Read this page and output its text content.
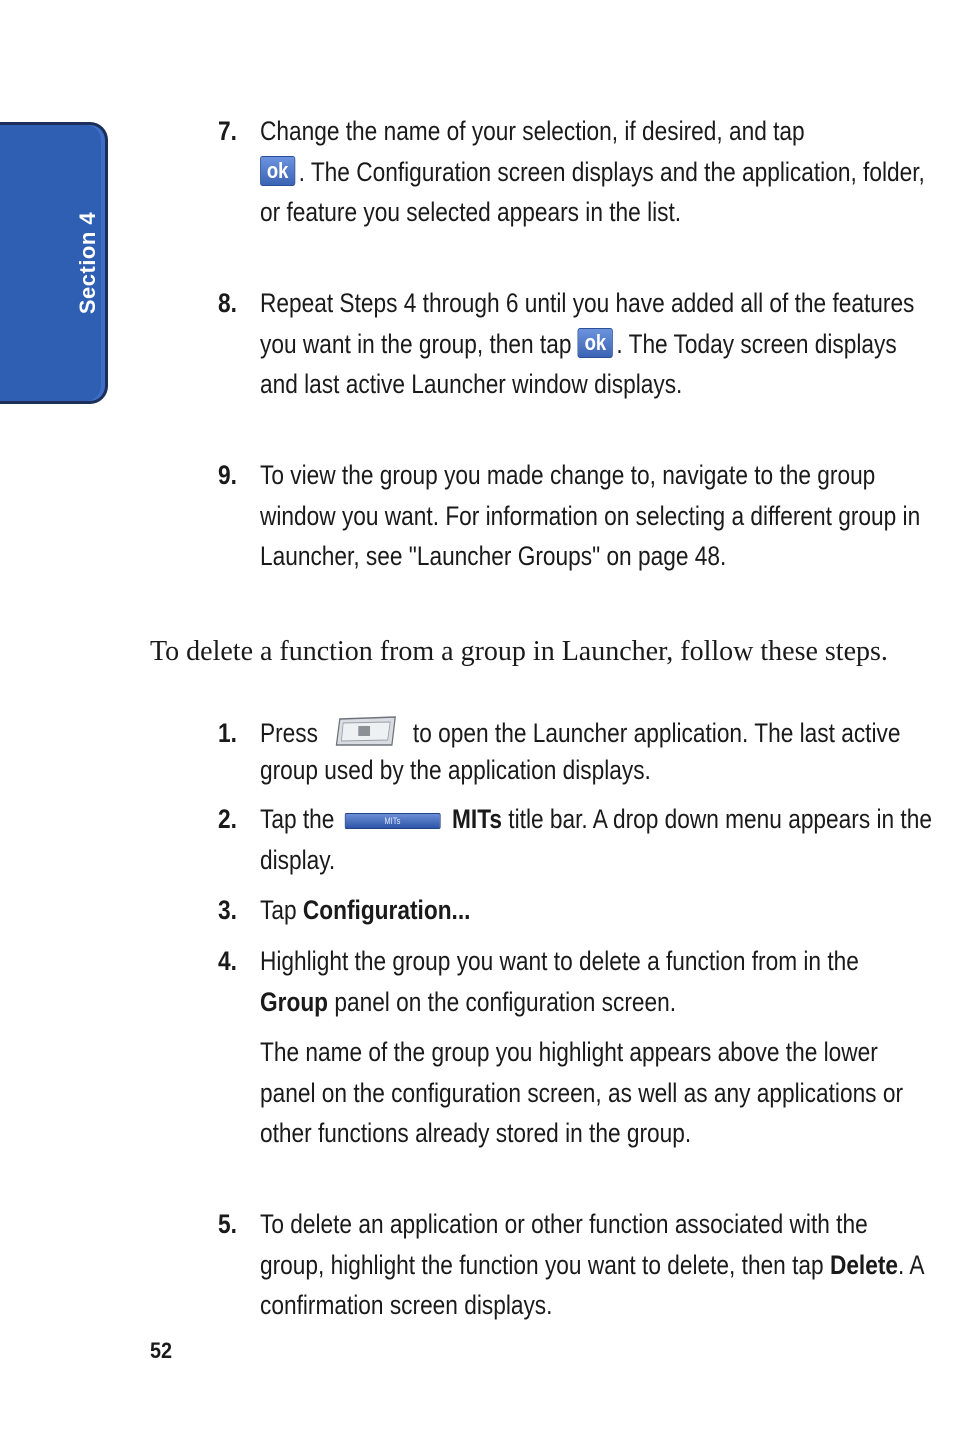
Section 4
7. Change the name of your selection, if desired, and tap
ok . The Configuration screen displays and the application, folder, or feature you selected appears in the list.
8. Repeat Steps 4 through 6 until you have added all of the features you want in the group, then tap ok . The Today screen displays and last active Launcher window displays.
9. To view the group you made change to, navigate to the group window you want. For information on selecting a different group in Launcher, see "Launcher Groups" on page 48.
To delete a function from a group in Launcher, follow these steps.
1. Press	to open the Launcher application. The last active group used by the application displays.
2. Tap the	MITs MITs title bar. A drop down menu appears in the display.
3. Tap Configuration...
4. Highlight the group you want to delete a function from in the Group panel on the configuration screen.
The name of the group you highlight appears above the lower panel on the configuration screen, as well as any applications or other functions already stored in the group.
5. To delete an application or other function associated with the group, highlight the function you want to delete, then tap Delete. A confirmation screen displays.
52
